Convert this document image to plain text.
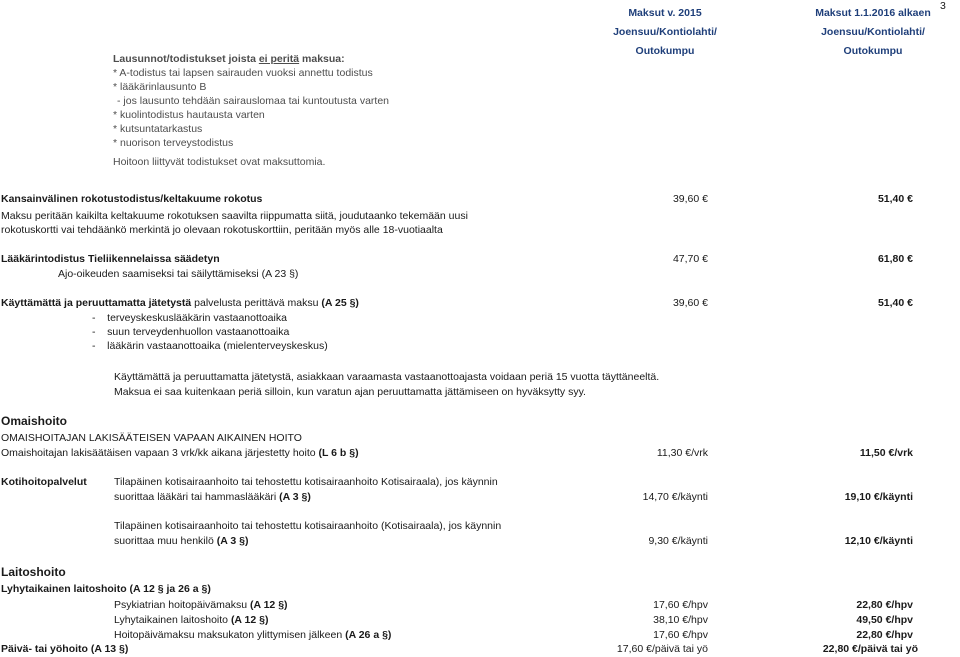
3
Maksut v. 2015
Joensuu/Kontiolahti/
Outokumpu
Maksut 1.1.2016 alkaen
Joensuu/Kontiolahti/
Outokumpu
Lausunnot/todistukset joista ei peritä maksua:
* A-todistus tai lapsen sairauden vuoksi annettu todistus
* lääkärinlausunto B
- jos lausunto tehdään sairauslomaa tai kuntoutusta varten
* kuolintodistus hautausta varten
* kutsuntatarkastus
* nuorison terveystodistus
Hoitoon liittyvät todistukset ovat maksuttomia.
Kansainvälinen rokotustodistus/keltakuume rokotus	39,60 €	51,40 €
Maksu peritään kaikilta keltakuume rokotuksen saavilta riippumatta siitä, joudutaanko tekemään uusi
rokotuskortti vai tehdäänkö merkintä jo olevaan rokotuskorttiin, peritään myös alle 18-vuotiaalta
Lääkärintodistus Tieliikennelaissa säädetyn	47,70 €	61,80 €
Ajo-oikeuden saamiseksi tai säilyttämiseksi (A 23 §)
Käyttämättä ja peruuttamatta jätetystä palvelusta perittävä maksu (A 25 §)	39,60 €	51,40 €
-    terveyskeskuslääkärin vastaanottoaika
-    suun terveydenhuollon vastaanottoaika
-    lääkärin vastaanottoaika (mielenterveyskeskus)
Käyttämättä ja peruuttamatta jätetystä, asiakkaan varaamasta vastaanottoajasta voidaan periä 15 vuotta täyttäneeltä.
Maksua ei saa kuitenkaan periä silloin, kun varatun ajan peruuttamatta jättämiseen on hyväksytty syy.
Omaishoito
OMAISHOITAJAN LAKISÄÄTEISEN VAPAAN AIKAINEN HOITO
Omaishoitajan lakisäätäisen vapaan 3 vrk/kk aikana järjestetty hoito (L 6 b §)	11,30 €/vrk	11,50 €/vrk
Kotihoitopalvelut	Tilapäinen kotisairaanhoito tai tehostettu kotisairaanhoito Kotisairaala), jos käynnin
suorittaa lääkäri tai hammaslääkäri (A 3 §)	14,70 €/käynti	19,10 €/käynti
Tilapäinen kotisairaanhoito tai tehostettu kotisairaanhoito (Kotisairaala), jos käynnin
suorittaa muu henkilö (A 3 §)	9,30 €/käynti	12,10 €/käynti
Laitoshoito
Lyhytaikainen laitoshoito (A 12 § ja 26 a §)
Psykiatrian hoitopäivämaksu (A 12 §)	17,60 €/hpv	22,80 €/hpv
Lyhytaikainen laitoshoito (A 12 §)	38,10 €/hpv	49,50 €/hpv
Hoitopäivämaksu maksukaton ylittymisen jälkeen (A 26 a §)	17,60 €/hpv	22,80 €/hpv
Päivä- tai yöhoito (A 13 §)	17,60 €/päivä tai yö	22,80 €/päivä tai yö
